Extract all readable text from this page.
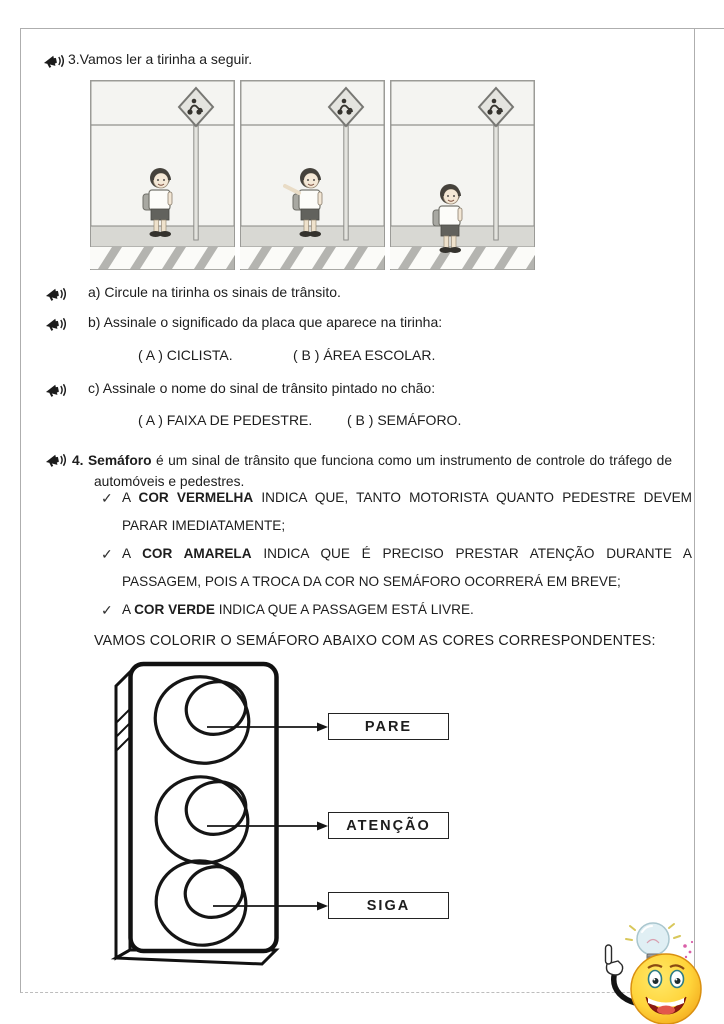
3.Vamos ler a tirinha a seguir.
a) Circule na tirinha os sinais de trânsito.
b) Assinale o significado da placa que aparece na tirinha:
( A ) CICLISTA.	( B ) ÁREA ESCOLAR.
c) Assinale o nome do sinal de trânsito pintado no chão:
( A ) FAIXA DE PEDESTRE. ( B ) SEMÁFORO.
4. Semáforo é um sinal de trânsito que funciona como um instrumento de controle do tráfego de automóveis e pedestres.
✓ A COR VERMELHA INDICA QUE, TANTO MOTORISTA QUANTO PEDESTRE DEVEM PARAR IMEDIATAMENTE;
✓ A COR AMARELA INDICA QUE É PRECISO PRESTAR ATENÇÃO DURANTE A PASSAGEM, POIS A TROCA DA COR NO SEMÁFORO OCORRERÁ EM BREVE;
✓ A COR VERDE INDICA QUE A PASSAGEM ESTÁ LIVRE.
VAMOS COLORIR O SEMÁFORO ABAIXO COM AS CORES CORRESPONDENTES:
PARE
ATENÇÃO
SIGA
